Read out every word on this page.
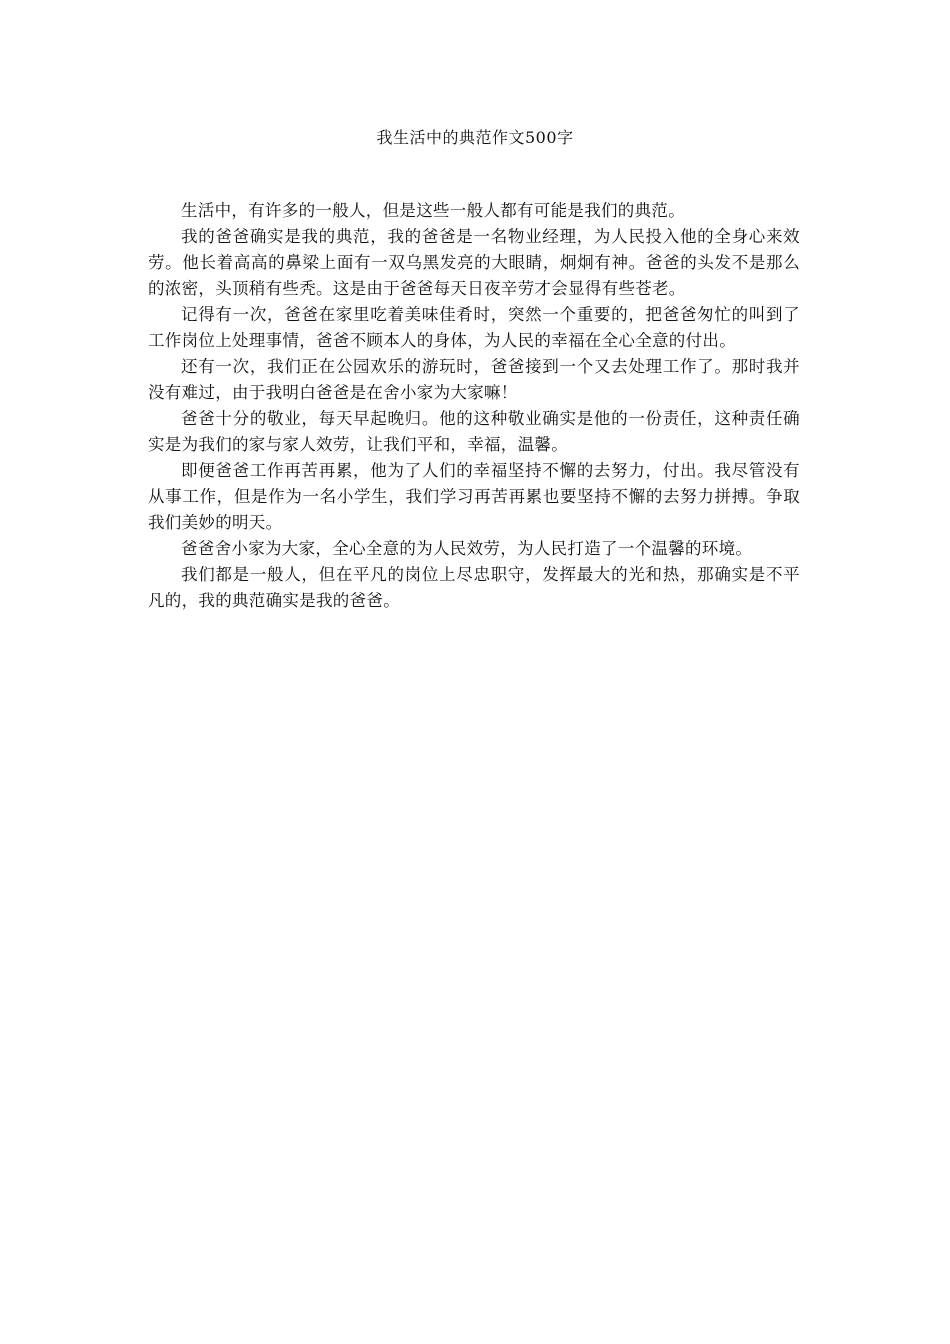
我生活中的典范作文500字

生活中，有许多的一般人，但是这些一般人都有可能是我们的典范。

我的爸爸确实是我的典范，我的爸爸是一名物业经理，为人民投入他的全身心来效劳。他长着高高的鼻梁上面有一双乌黑发亮的大眼睛，炯炯有神。爸爸的头发不是那么的浓密，头顶稍有些秃。这是由于爸爸每天日夜辛劳才会显得有些苍老。

记得有一次，爸爸在家里吃着美味佳肴时，突然一个重要的，把爸爸匆忙的叫到了工作岗位上处理事情，爸爸不顾本人的身体，为人民的幸福在全心全意的付出。

还有一次，我们正在公园欢乐的游玩时，爸爸接到一个又去处理工作了。那时我并没有难过，由于我明白爸爸是在舍小家为大家嘛！

爸爸十分的敬业，每天早起晚归。他的这种敬业确实是他的一份责任，这种责任确实是为我们的家与家人效劳，让我们平和，幸福，温馨。

即便爸爸工作再苦再累，他为了人们的幸福坚持不懈的去努力，付出。我尽管没有从事工作，但是作为一名小学生，我们学习再苦再累也要坚持不懈的去努力拼搏。争取我们美妙的明天。

爸爸舍小家为大家，全心全意的为人民效劳，为人民打造了一个温馨的环境。

我们都是一般人，但在平凡的岗位上尽忠职守，发挥最大的光和热，那确实是不平凡的，我的典范确实是我的爸爸。
